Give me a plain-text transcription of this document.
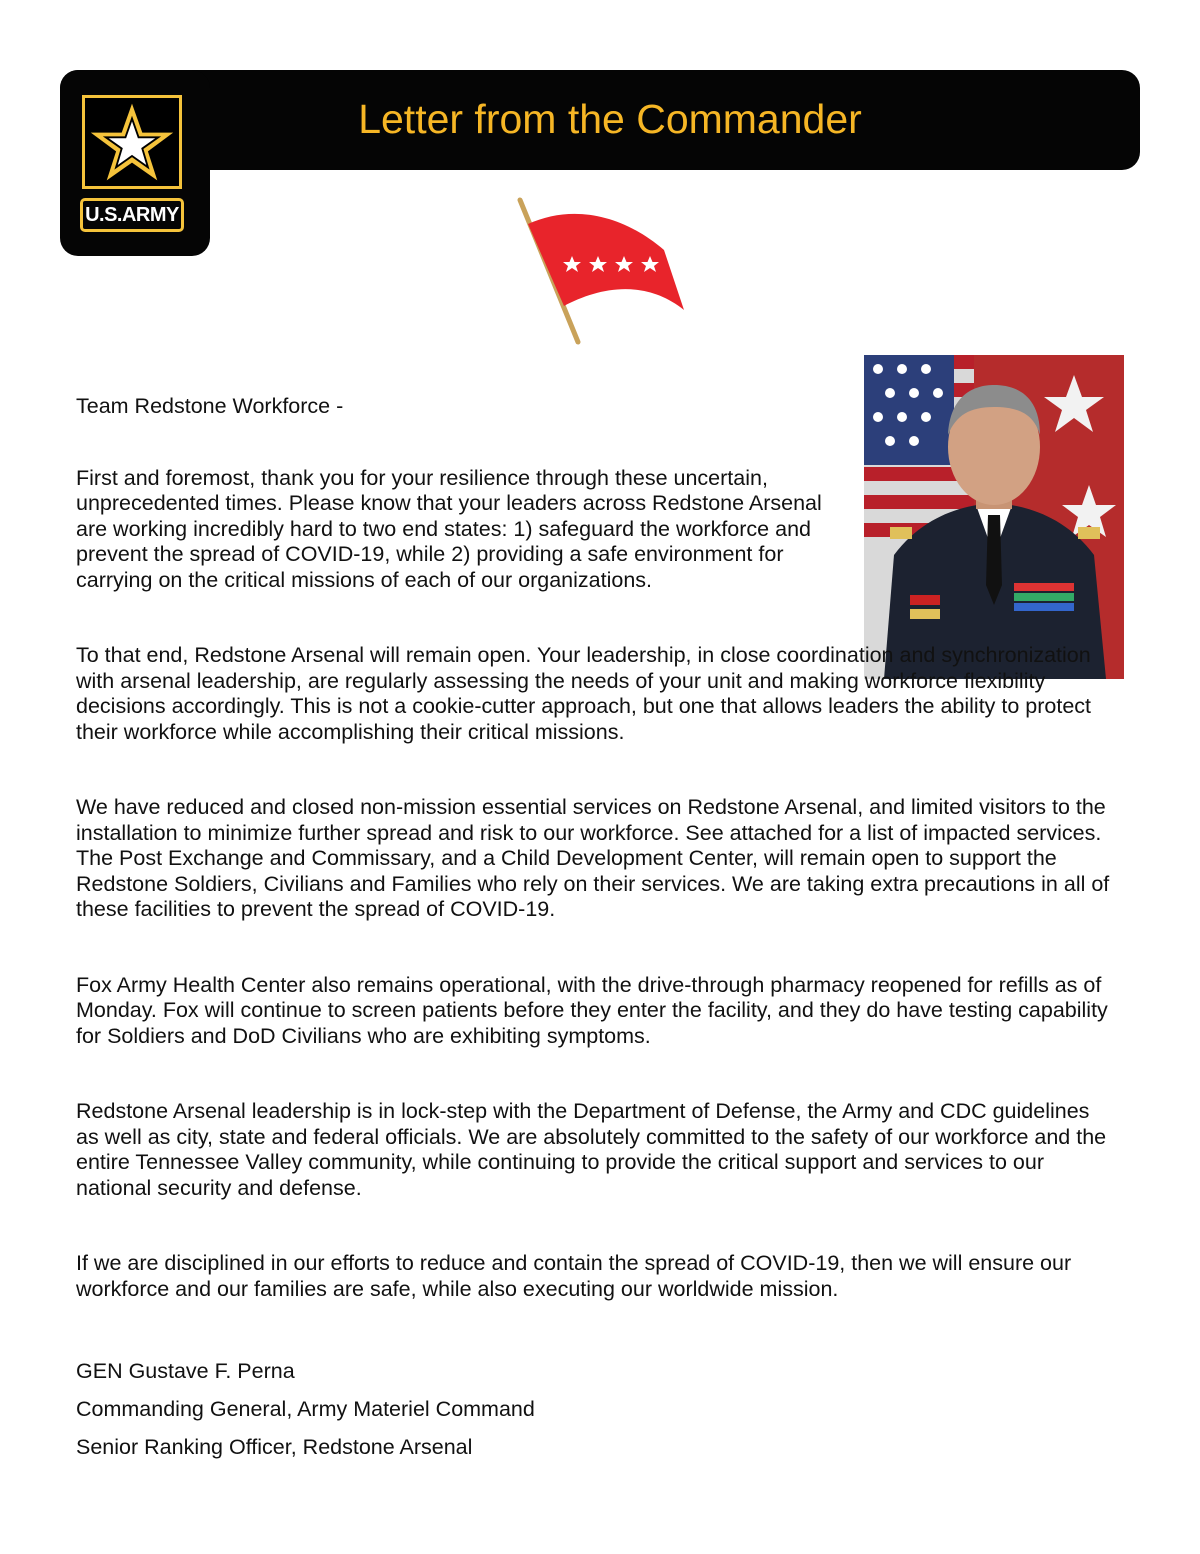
U.S.ARMY
Letter from the Commander

Team Redstone Workforce -

First and foremost, thank you for your resilience through these uncertain, unprecedented times. Please know that your leaders across Redstone Arsenal are working incredibly hard to two end states: 1) safeguard the workforce and prevent the spread of COVID-19, while 2) providing a safe environment for carrying on the critical missions of each of our organizations.

To that end, Redstone Arsenal will remain open. Your leadership, in close coordination and synchronization with arsenal leadership, are regularly assessing the needs of your unit and making workforce flexibility decisions accordingly. This is not a cookie-cutter approach, but one that allows leaders the ability to protect their workforce while accomplishing their critical missions.

We have reduced and closed non-mission essential services on Redstone Arsenal, and limited visitors to the installation to minimize further spread and risk to our workforce. See attached for a list of impacted services. The Post Exchange and Commissary, and a Child Development Center, will remain open to support the Redstone Soldiers, Civilians and Families who rely on their services. We are taking extra precautions in all of these facilities to prevent the spread of COVID-19.

Fox Army Health Center also remains operational, with the drive-through pharmacy reopened for refills as of Monday. Fox will continue to screen patients before they enter the facility, and they do have testing capability for Soldiers and DoD Civilians who are exhibiting symptoms.

Redstone Arsenal leadership is in lock-step with the Department of Defense, the Army and CDC guidelines as well as city, state and federal officials. We are absolutely committed to the safety of our workforce and the entire Tennessee Valley community, while continuing to provide the critical support and services to our national security and defense.

If we are disciplined in our efforts to reduce and contain the spread of COVID-19, then we will ensure our workforce and our families are safe, while also executing our worldwide mission.

GEN Gustave F. Perna

Commanding General, Army Materiel Command

Senior Ranking Officer, Redstone Arsenal
